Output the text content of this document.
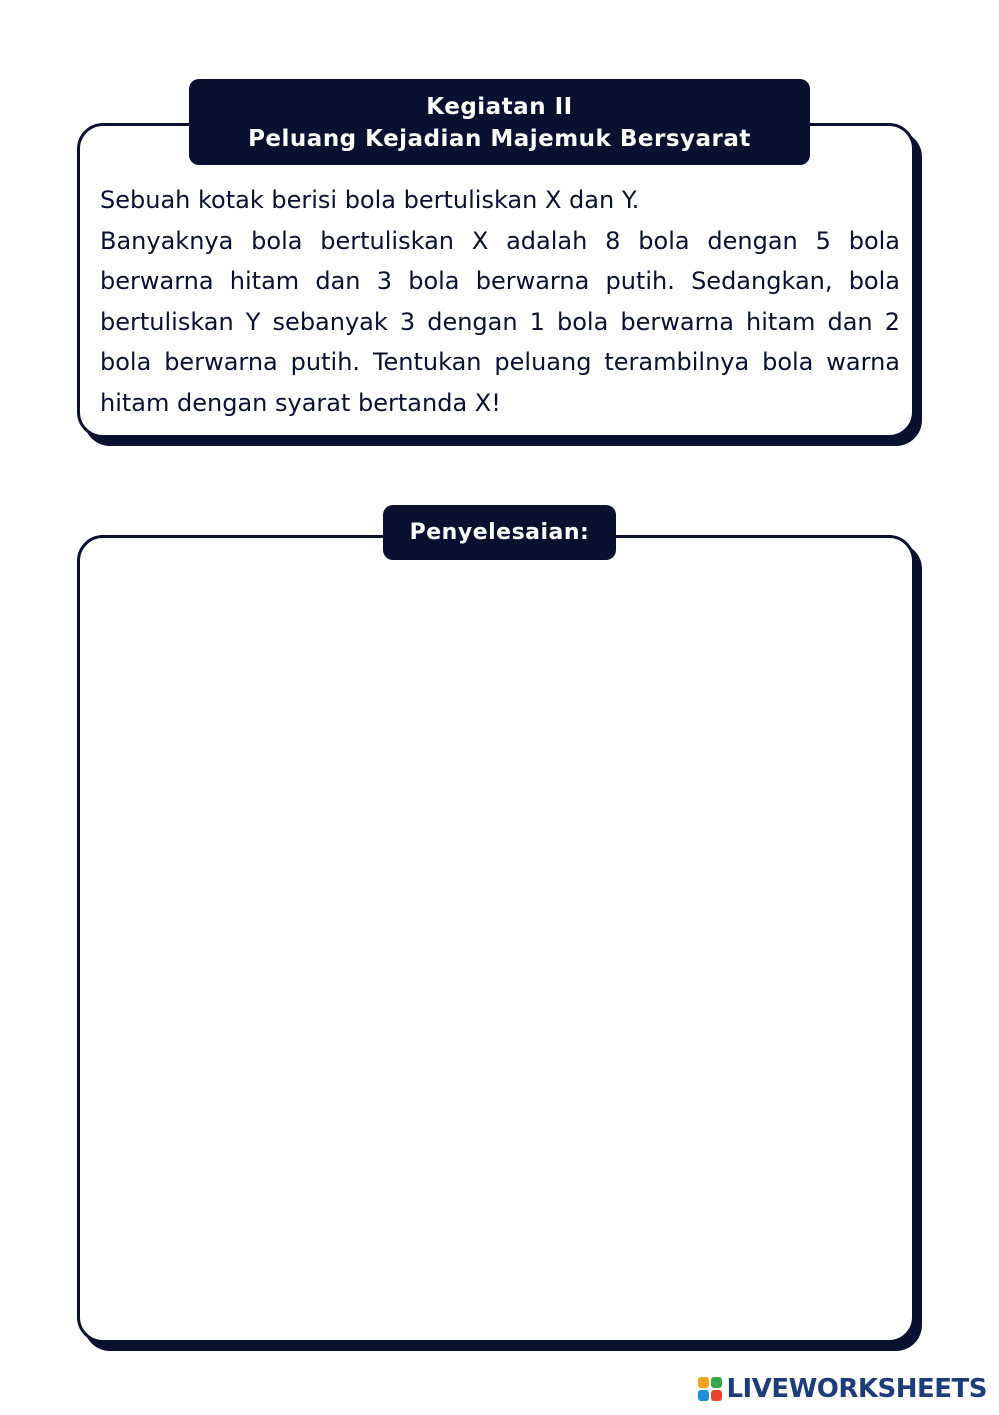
Kegiatan II
Peluang Kejadian Majemuk Bersyarat
Sebuah kotak berisi bola bertuliskan X dan Y.
Banyaknya bola bertuliskan X adalah 8 bola dengan 5 bola berwarna hitam dan 3 bola berwarna putih. Sedangkan, bola bertuliskan Y sebanyak 3 dengan 1 bola berwarna hitam dan 2 bola berwarna putih. Tentukan peluang terambilnya bola warna hitam dengan syarat bertanda X!
Penyelesaian:
LIVEWORKSHEETS
